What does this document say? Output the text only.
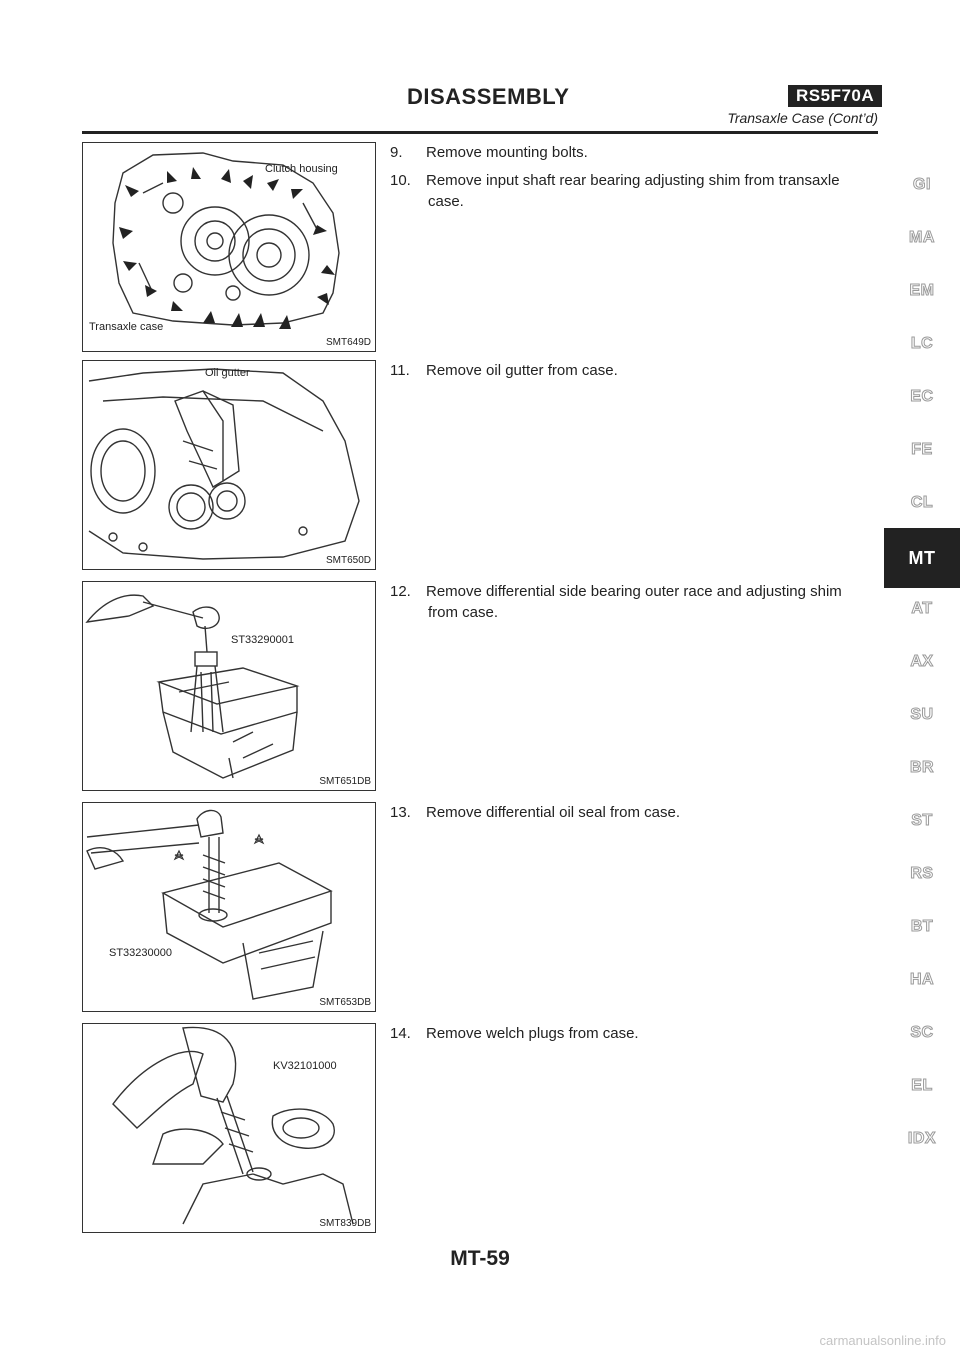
DISASSEMBLY	RS5F70A
Transaxle Case (Cont’d)
Clutch housing
Transaxle case
SMT649D
Oil gutter
SMT650D
ST33290001
SMT651DB
ST33230000
SMT653DB
KV32101000
SMT839DB
9. Remove mounting bolts.
10. Remove input shaft rear bearing adjusting shim from transaxle
case.
11. Remove oil gutter from case.
12. Remove differential side bearing outer race and adjusting shim
from case.
13. Remove differential oil seal from case.
14. Remove welch plugs from case.
GI
MA
EM
LC
EC
FE
CL
MT
AT
AX
SU
BR
ST
RS
BT
HA
SC
EL
IDX
MT-59
carmanualsonline.info
